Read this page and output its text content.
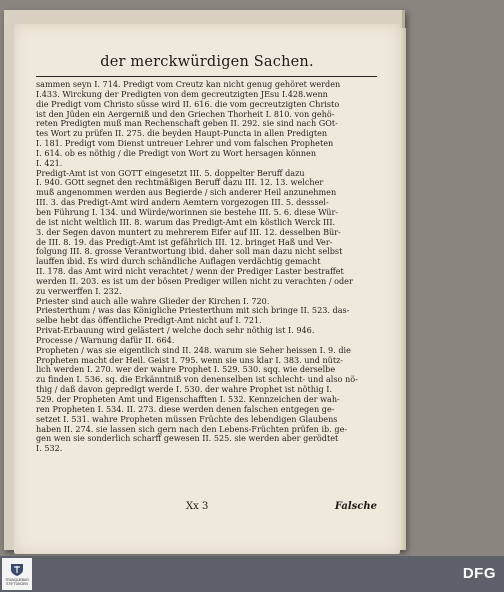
der merckwürdigen Sachen.
sammen seyn I. 714. Predigt vom Creutz kan nicht genug gehöret werden
I.433. Wirckung der Predigten von dem gecreutzigten JEsu I.428.wenn
die Predigt vom Christo süsse wird II. 616. die vom gecreutzigten Christo
ist den Jüden ein Aergerniß und den Griechen Thorheit I. 810. von gehö-
reten Predigten muß man Rechenschaft geben II. 292. sie sind nach GOt-
tes Wort zu prüfen II. 275. die beyden Haupt-Puncta in allen Predigten
I. 181. Predigt vom Dienst untreuer Lehrer und vom falschen Propheten
I. 614. ob es nöthig / die Predigt von Wort zu Wort hersagen können
I. 421.
Predigt-Amt ist von GOTT eingesetzt III. 5. doppelter Beruff dazu
I. 940. GOtt segnet den rechtmäßigen Beruff dazu III. 12. 13. welcher
muß angenommen werden aus Begierde / sich anderer Heil anzunehmen
III. 3. das Predigt-Amt wird andern Aemtern vorgezogen III. 5. desssel-
ben Führung I. 134. und Würde/worinnen sie bestehe III. 5. 6. diese Wür-
de ist nicht weltlich III. 8. warum das Predigt-Amt ein köstlich Werck III.
3. der Segen davon muntert zu mehrerem Eifer auf III. 12. desselben Bür-
de III. 8. 19. das Predigt-Amt ist gefährlich III. 12. bringet Haß und Ver-
folgung III. 8. grosse Verantwortung ibid. daher soll man dazu nicht selbst
lauffen ibid. Es wird durch schändliche Auflagen verdächtig gemacht
II. 178. das Amt wird nicht verachtet / wenn der Prediger Laster bestraffet
werden II. 203. es ist um der bösen Prediger willen nicht zu verachten / oder
zu verwerffen I. 232.
Priester sind auch alle wahre Glieder der Kirchen I. 720.
Priesterthum / was das Königliche Priesterthum mit sich bringe II. 523. das-
selbe hebt das öffentliche Predigt-Amt nicht auf I. 721.
Privat-Erbauung wird gelästert / welche doch sehr nöthig ist I. 946.
Processe / Warnung dafür II. 664.
Propheten / was sie eigentlich sind II. 248. warum sie Seher heissen I. 9. die
Propheten macht der Heil. Geist I. 795. wenn sie uns klar I. 383. und nütz-
lich werden I. 270. wer der wahre Prophet I. 529. 530. sqq. wie derselbe
zu finden I. 536. sq. die Erkänntniß von denenselben ist schlecht- und also nö-
thig / daß davon gepredigt werde I. 530. der wahre Prophet ist nöthig I.
529. der Propheten Amt und Eigenschafften I. 532. Kennzeichen der wah-
ren Propheten I. 534. II. 273. diese werden denen falschen entgegen ge-
setzet I. 531. wahre Propheten müssen Früchte des lebendigen Glaubens
haben II. 274. sie lassen sich gern nach den Lebens-Früchten prüfen ib. ge-
gen wen sie sonderlich scharff gewesen II. 525. sie werden aber gerödtet
I. 532.
Xx 3	Falsche
TRANQUEBAR STIFTUNGEN
DFG
